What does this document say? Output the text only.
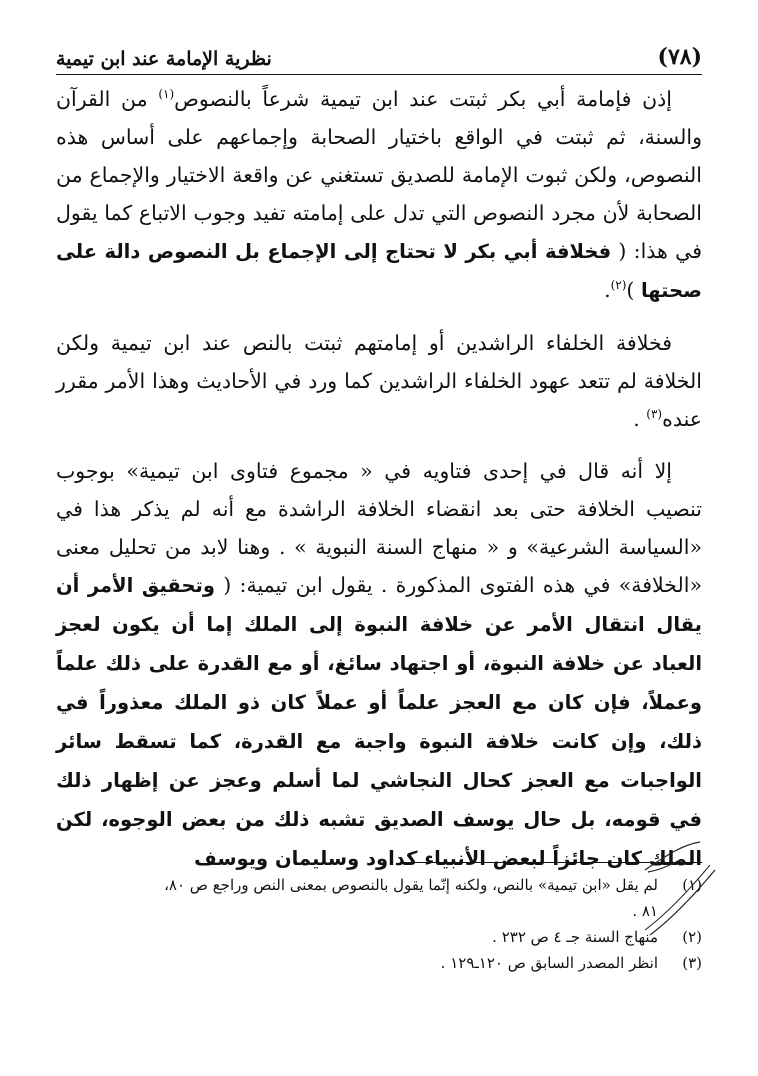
(٧٨)
نظرية الإمامة عند ابن تيمية

إذن فإمامة أبي بكر ثبتت عند ابن تيمية شرعاً بالنصوص$^{(١)}$ من القرآن والسنة، ثم ثبتت في الواقع باختيار الصحابة وإجماعهم على أساس هذه النصوص، ولكن ثبوت الإمامة للصديق تستغني عن واقعة الاختيار والإجماع من الصحابة لأن مجرد النصوص التي تدل على إمامته تفيد وجوب الاتباع كما يقول في هذا: ( فخلافة أبي بكر لا تحتاج إلى الإجماع بل النصوص دالة على صحتها )$^{(٢)}$.

فخلافة الخلفاء الراشدين أو إمامتهم ثبتت بالنص عند ابن تيمية ولكن الخلافة لم تتعد عهود الخلفاء الراشدين كما ورد في الأحاديث وهذا الأمر مقرر عنده$^{(٣)}$ .

إلا أنه قال في إحدى فتاويه في « مجموع فتاوى ابن تيمية» بوجوب تنصيب الخلافة حتى بعد انقضاء الخلافة الراشدة مع أنه لم يذكر هذا في «السياسة الشرعية» و « منهاج السنة النبوية » . وهنا لابد من تحليل معنى «الخلافة» في هذه الفتوى المذكورة . يقول ابن تيمية: ( وتحقيق الأمر أن يقال انتقال الأمر عن خلافة النبوة إلى الملك إما أن يكون لعجز العباد عن خلافة النبوة، أو اجتهاد سائغ، أو مع القدرة على ذلك علماً وعملاً، فإن كان مع العجز علماً أو عملاً كان ذو الملك معذوراً في ذلك، وإن كانت خلافة النبوة واجبة مع القدرة، كما تسقط سائر الواجبات مع العجز كحال النجاشي لما أسلم وعجز عن إظهار ذلك في قومه، بل حال يوسف الصديق تشبه ذلك من بعض الوجوه، لكن الملك كان جائزاً لبعض الأنبياء كداود وسليمان ويوسف

(١)
لم يقل «ابن تيمية» بالنص، ولكنه إنّما يقول بالنصوص بمعنى النص وراجع ص ٨٠،
٨١ .
(٢)
منهاج السنة جـ ٤ ص ٢٣٢ .
(٣)
انظر المصدر السابق ص ١٢٠ـ١٢٩ .
